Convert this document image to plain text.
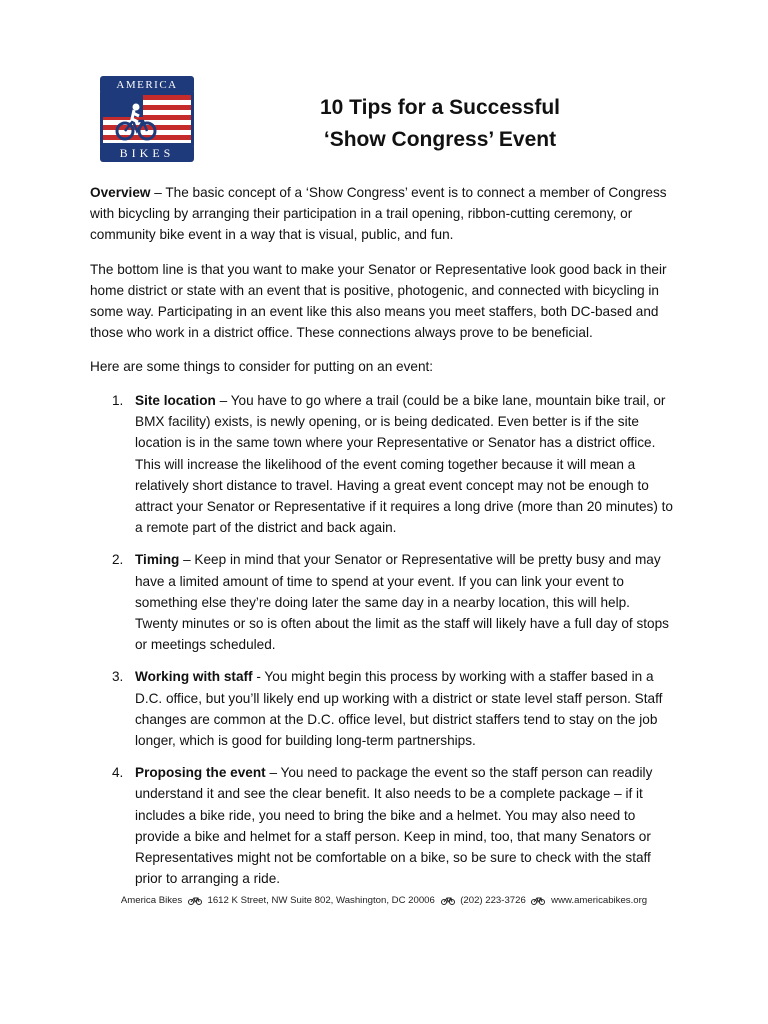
AMERICA
BIKES
10 Tips for a Successful
‘Show Congress’ Event
Overview – The basic concept of a ‘Show Congress’ event is to connect a member of Congress with bicycling by arranging their participation in a trail opening, ribbon-cutting ceremony, or community bike event in a way that is visual, public, and fun.
The bottom line is that you want to make your Senator or Representative look good back in their home district or state with an event that is positive, photogenic, and connected with bicycling in some way. Participating in an event like this also means you meet staffers, both DC-based and those who work in a district office. These connections always prove to be beneficial.
Here are some things to consider for putting on an event:
1. Site location – You have to go where a trail (could be a bike lane, mountain bike trail, or BMX facility) exists, is newly opening, or is being dedicated. Even better is if the site location is in the same town where your Representative or Senator has a district office. This will increase the likelihood of the event coming together because it will mean a relatively short distance to travel. Having a great event concept may not be enough to attract your Senator or Representative if it requires a long drive (more than 20 minutes) to a remote part of the district and back again.
2. Timing – Keep in mind that your Senator or Representative will be pretty busy and may have a limited amount of time to spend at your event. If you can link your event to something else they’re doing later the same day in a nearby location, this will help. Twenty minutes or so is often about the limit as the staff will likely have a full day of stops or meetings scheduled.
3. Working with staff - You might begin this process by working with a staffer based in a D.C. office, but you’ll likely end up working with a district or state level staff person. Staff changes are common at the D.C. office level, but district staffers tend to stay on the job longer, which is good for building long-term partnerships.
4. Proposing the event – You need to package the event so the staff person can readily understand it and see the clear benefit. It also needs to be a complete package – if it includes a bike ride, you need to bring the bike and a helmet. You may also need to provide a bike and helmet for a staff person. Keep in mind, too, that many Senators or Representatives might not be comfortable on a bike, so be sure to check with the staff prior to arranging a ride.
America Bikes	1612 K Street, NW Suite 802, Washington, DC 20006	(202) 223-3726	www.americabikes.org
